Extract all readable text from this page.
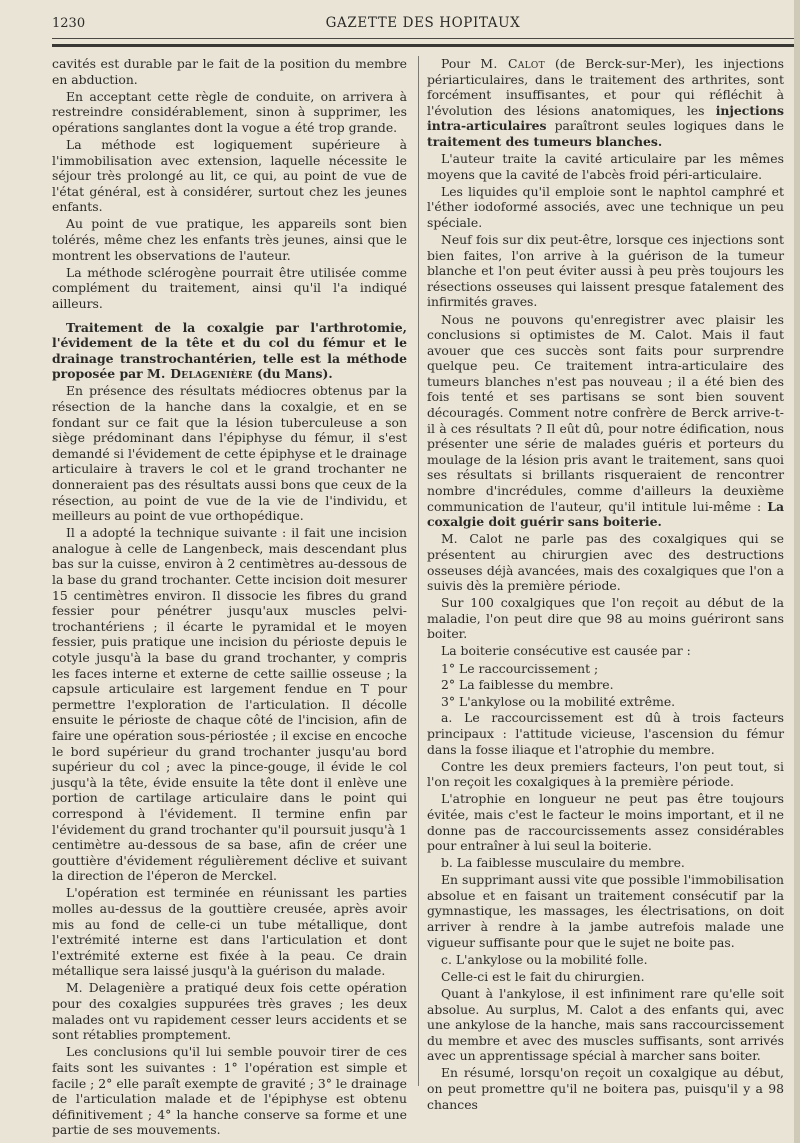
1230	GAZETTE DES HOPITAUX

cavités est durable par le fait de la position du membre en abduction.

En acceptant cette règle de conduite, on arrivera à restreindre considérablement, sinon à supprimer, les opérations sanglantes dont la vogue a été trop grande.

La méthode est logiquement supérieure à l'immobilisation avec extension, laquelle nécessite le séjour très prolongé au lit, ce qui, au point de vue de l'état général, est à considérer, surtout chez les jeunes enfants.

Au point de vue pratique, les appareils sont bien tolérés, même chez les enfants très jeunes, ainsi que le montrent les observations de l'auteur.

La méthode sclérogène pourrait être utilisée comme complément du traitement, ainsi qu'il l'a indiqué ailleurs.

Traitement de la coxalgie par l'arthrotomie, l'évidement de la tête et du col du fémur et le drainage transtrochantérien, telle est la méthode proposée par M. Delagenière (du Mans).

En présence des résultats médiocres obtenus par la résection de la hanche dans la coxalgie, et en se fondant sur ce fait que la lésion tuberculeuse a son siège prédominant dans l'épiphyse du fémur, il s'est demandé si l'évidement de cette épiphyse et le drainage articulaire à travers le col et le grand trochanter ne donneraient pas des résultats aussi bons que ceux de la résection, au point de vue de la vie de l'individu, et meilleurs au point de vue orthopédique.

Il a adopté la technique suivante : il fait une incision analogue à celle de Langenbeck, mais descendant plus bas sur la cuisse, environ à 2 centimètres au-dessous de la base du grand trochanter. Cette incision doit mesurer 15 centimètres environ. Il dissocie les fibres du grand fessier pour pénétrer jusqu'aux muscles pelvi-trochantériens ; il écarte le pyramidal et le moyen fessier, puis pratique une incision du périoste depuis le cotyle jusqu'à la base du grand trochanter, y compris les faces interne et externe de cette saillie osseuse ; la capsule articulaire est largement fendue en T pour permettre l'exploration de l'articulation. Il décolle ensuite le périoste de chaque côté de l'incision, afin de faire une opération sous-périostée ; il excise en encoche le bord supérieur du grand trochanter jusqu'au bord supérieur du col ; avec la pince-gouge, il évide le col jusqu'à la tête, évide ensuite la tête dont il enlève une portion de cartilage articulaire dans le point qui correspond à l'évidement. Il termine enfin par l'évidement du grand trochanter qu'il poursuit jusqu'à 1 centimètre au-dessous de sa base, afin de créer une gouttière d'évidement régulièrement déclive et suivant la direction de l'éperon de Merckel.

L'opération est terminée en réunissant les parties molles au-dessus de la gouttière creusée, après avoir mis au fond de celle-ci un tube métallique, dont l'extrémité interne est dans l'articulation et dont l'extrémité externe est fixée à la peau. Ce drain métallique sera laissé jusqu'à la guérison du malade.

M. Delagenière a pratiqué deux fois cette opération pour des coxalgies suppurées très graves ; les deux malades ont vu rapidement cesser leurs accidents et se sont rétablies promptement.

Les conclusions qu'il lui semble pouvoir tirer de ces faits sont les suivantes : 1° l'opération est simple et facile ; 2° elle paraît exempte de gravité ; 3° le drainage de l'articulation malade et de l'épiphyse est obtenu définitivement ; 4° la hanche conserve sa forme et une partie de ses mouvements.

Pour M. Calot (de Berck-sur-Mer), les injections périarticulaires, dans le traitement des arthrites, sont forcément insuffisantes, et pour qui réfléchit à l'évolution des lésions anatomiques, les injections intra-articulaires paraîtront seules logiques dans le traitement des tumeurs blanches.

L'auteur traite la cavité articulaire par les mêmes moyens que la cavité de l'abcès froid péri-articulaire.

Les liquides qu'il emploie sont le naphtol camphré et l'éther iodoformé associés, avec une technique un peu spéciale.

Neuf fois sur dix peut-être, lorsque ces injections sont bien faites, l'on arrive à la guérison de la tumeur blanche et l'on peut éviter aussi à peu près toujours les résections osseuses qui laissent presque fatalement des infirmités graves.

Nous ne pouvons qu'enregistrer avec plaisir les conclusions si optimistes de M. Calot. Mais il faut avouer que ces succès sont faits pour surprendre quelque peu. Ce traitement intra-articulaire des tumeurs blanches n'est pas nouveau ; il a été bien des fois tenté et ses partisans se sont bien souvent découragés. Comment notre confrère de Berck arrive-t-il à ces résultats ? Il eût dû, pour notre édification, nous présenter une série de malades guéris et porteurs du moulage de la lésion pris avant le traitement, sans quoi ses résultats si brillants risqueraient de rencontrer nombre d'incrédules, comme d'ailleurs la deuxième communication de l'auteur, qu'il intitule lui-même : La coxalgie doit guérir sans boiterie.

M. Calot ne parle pas des coxalgiques qui se présentent au chirurgien avec des destructions osseuses déjà avancées, mais des coxalgiques que l'on a suivis dès la première période.

Sur 100 coxalgiques que l'on reçoit au début de la maladie, l'on peut dire que 98 au moins guériront sans boiter.

La boiterie consécutive est causée par :

1° Le raccourcissement ;

2° La faiblesse du membre.

3° L'ankylose ou la mobilité extrême.

a. Le raccourcissement est dû à trois facteurs principaux : l'attitude vicieuse, l'ascension du fémur dans la fosse iliaque et l'atrophie du membre.

Contre les deux premiers facteurs, l'on peut tout, si l'on reçoit les coxalgiques à la première période.

L'atrophie en longueur ne peut pas être toujours évitée, mais c'est le facteur le moins important, et il ne donne pas de raccourcissements assez considérables pour entraîner à lui seul la boiterie.

b. La faiblesse musculaire du membre.

En supprimant aussi vite que possible l'immobilisation absolue et en faisant un traitement consécutif par la gymnastique, les massages, les électrisations, on doit arriver à rendre à la jambe autrefois malade une vigueur suffisante pour que le sujet ne boite pas.

c. L'ankylose ou la mobilité folle.

Celle-ci est le fait du chirurgien.

Quant à l'ankylose, il est infiniment rare qu'elle soit absolue. Au surplus, M. Calot a des enfants qui, avec une ankylose de la hanche, mais sans raccourcissement du membre et avec des muscles suffisants, sont arrivés avec un apprentissage spécial à marcher sans boiter.

En résumé, lorsqu'on reçoit un coxalgique au début, on peut promettre qu'il ne boitera pas, puisqu'il y a 98 chances
